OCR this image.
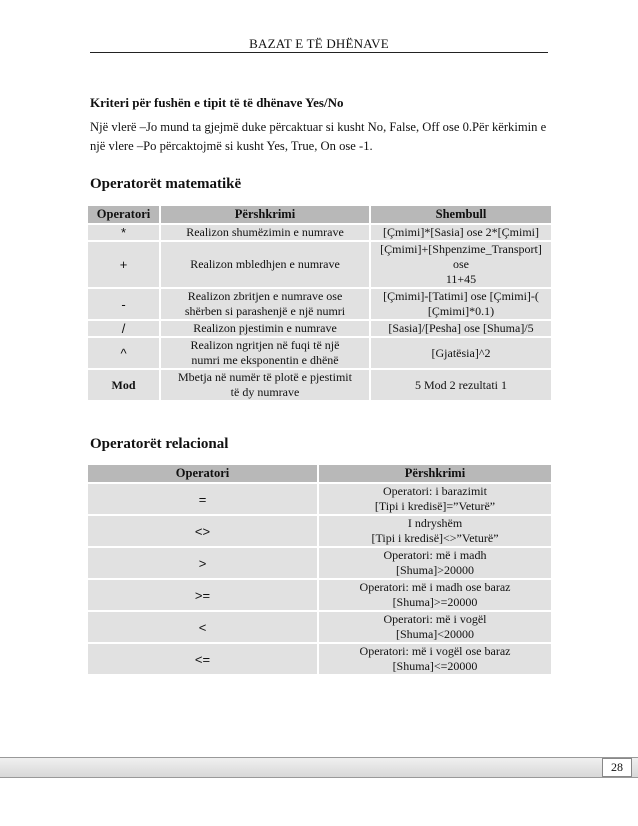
BAZAT E TË DHËNAVE
Kriteri për fushën e tipit të të dhënave Yes/No
Një vlerë –Jo mund ta gjejmë duke përcaktuar si kusht No, False, Off ose 0.Për kërkimin e një vlere –Po përcaktojmë si kusht Yes, True, On ose -1.
Operatorët matematikë
Operatori	Përshkrimi	Shembull
*	Realizon shumëzimin e numrave	[Çmimi]*[Sasia] ose 2*[Çmimi]
+	Realizon mbledhjen e numrave	[Çmimi]+[Shpenzime_Transport]
ose
11+45
-	Realizon zbritjen e numrave ose
shërben si parashenjë e një numri	[Çmimi]-[Tatimi] ose [Çmimi]-(
[Çmimi]*0.1)
/	Realizon pjestimin e numrave	[Sasia]/[Pesha] ose [Shuma]/5
^	Realizon ngritjen në fuqi të një
numri me eksponentin e dhënë	[Gjatësia]^2
Mod	Mbetja në numër të plotë e pjestimit
të dy numrave	5 Mod 2 rezultati 1
Operatorët relacional
Operatori	Përshkrimi
=	Operatori: i barazimit
[Tipi i kredisë]=”Veturë”
<>	I ndryshëm
[Tipi i kredisë]<>”Veturë”
>	Operatori: më i madh
[Shuma]>20000
>=	Operatori: më i madh ose baraz
[Shuma]>=20000
<	Operatori: më i vogël
[Shuma]<20000
<=	Operatori: më i vogël ose baraz
[Shuma]<=20000
28
